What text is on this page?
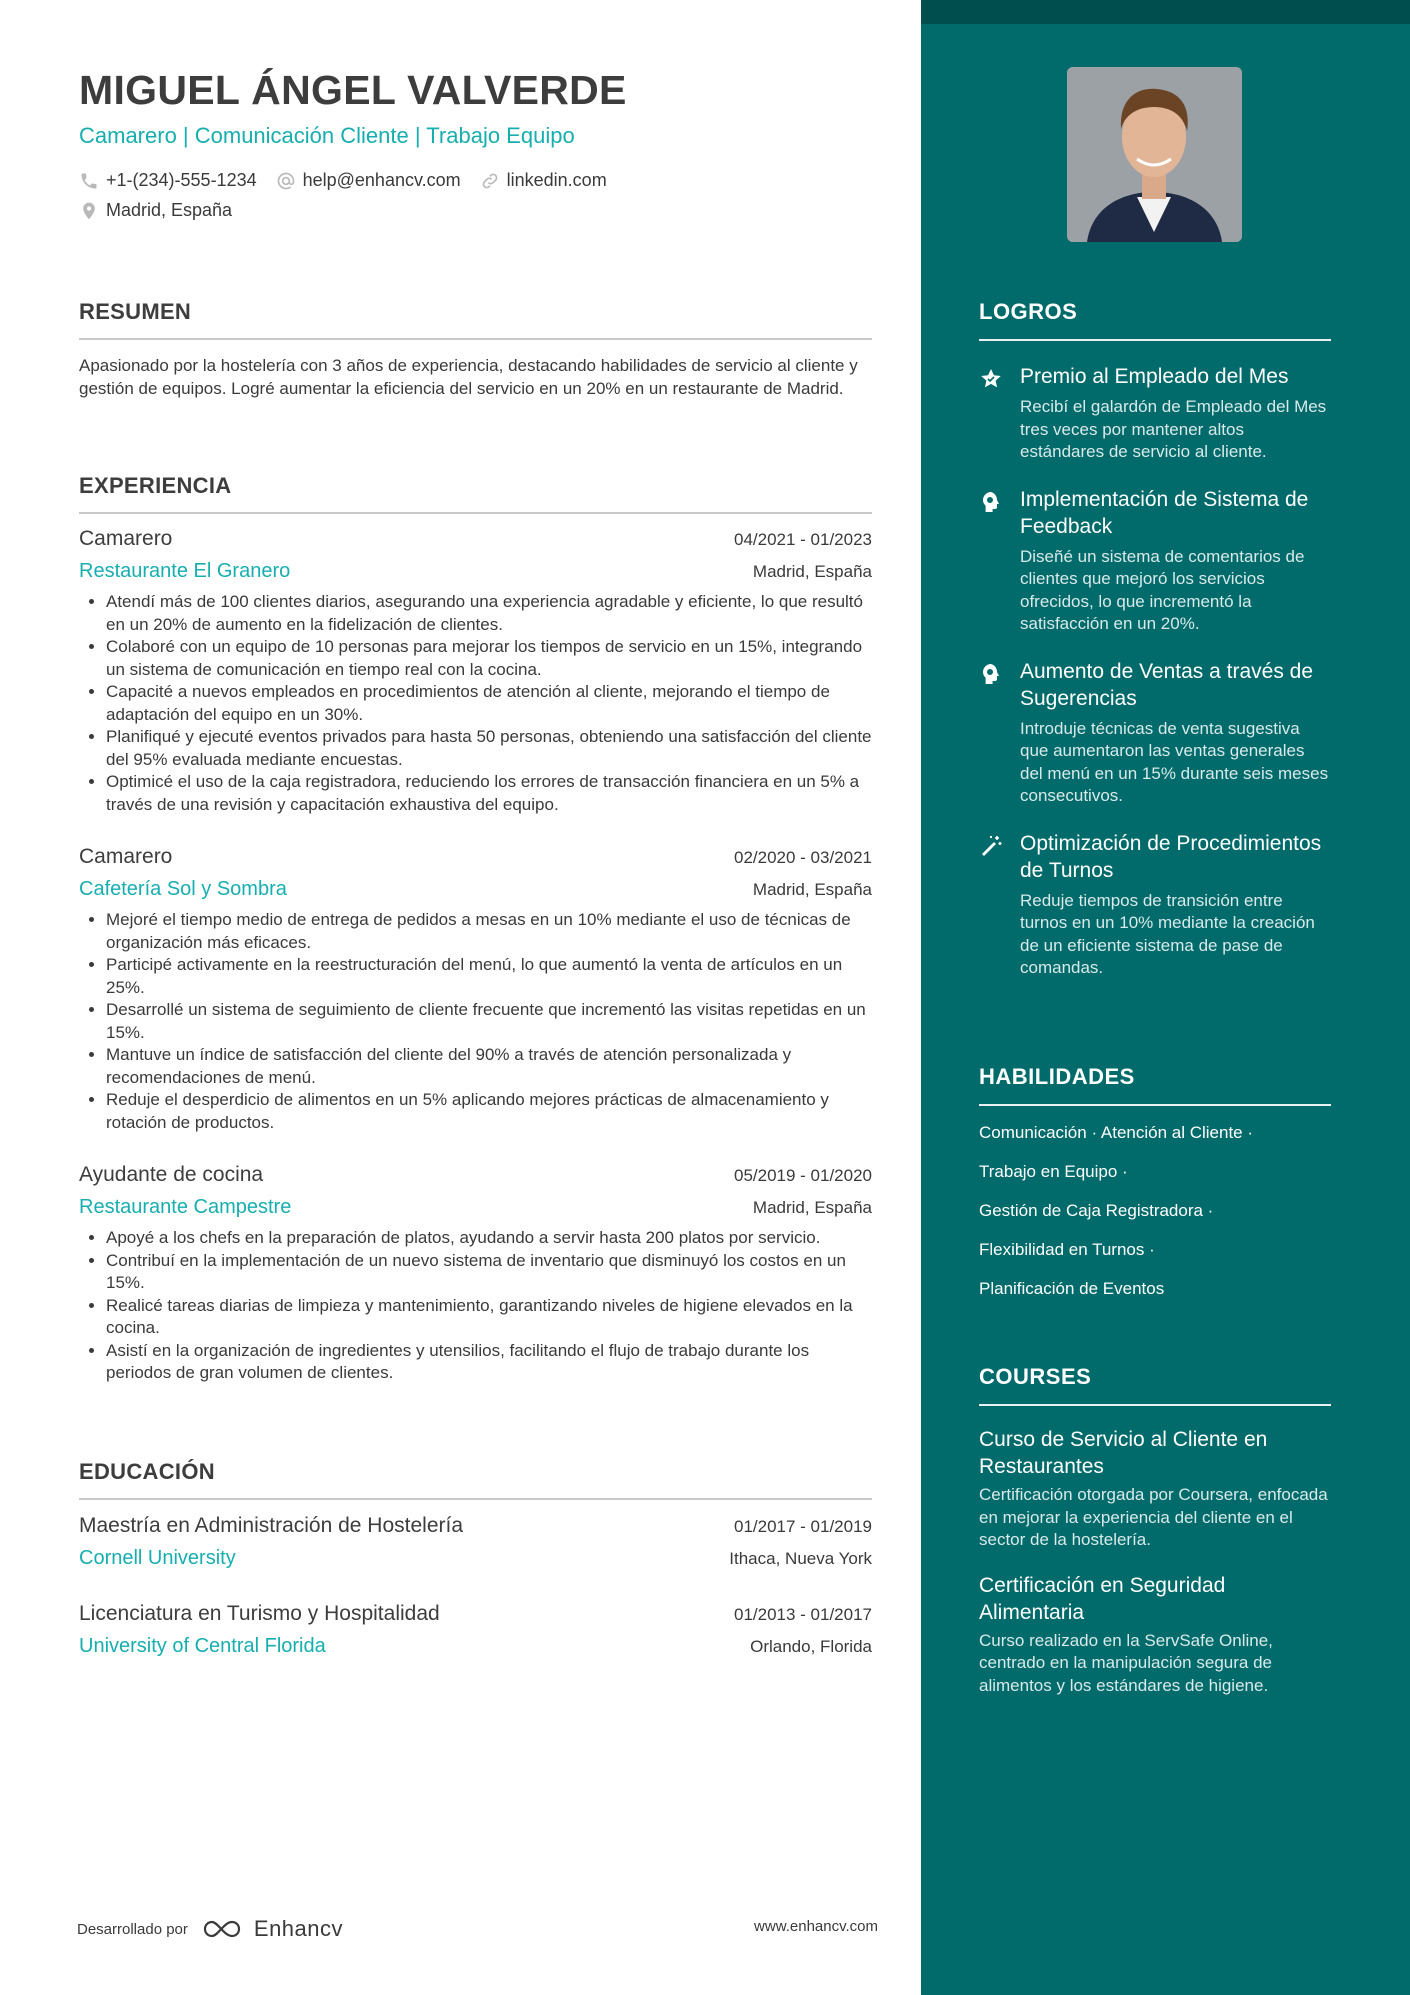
MIGUEL ÁNGEL VALVERDE
Camarero | Comunicación Cliente | Trabajo Equipo
+1-(234)-555-1234	help@enhancv.com	linkedin.com
Madrid, España
RESUMEN
Apasionado por la hostelería con 3 años de experiencia, destacando habilidades de servicio al cliente y gestión de equipos. Logré aumentar la eficiencia del servicio en un 20% en un restaurante de Madrid.
EXPERIENCIA
Camarero	04/2021 - 01/2023
Restaurante El Granero	Madrid, España
• Atendí más de 100 clientes diarios, asegurando una experiencia agradable y eficiente, lo que resultó en un 20% de aumento en la fidelización de clientes.
• Colaboré con un equipo de 10 personas para mejorar los tiempos de servicio en un 15%, integrando un sistema de comunicación en tiempo real con la cocina.
• Capacité a nuevos empleados en procedimientos de atención al cliente, mejorando el tiempo de adaptación del equipo en un 30%.
• Planifiqué y ejecuté eventos privados para hasta 50 personas, obteniendo una satisfacción del cliente del 95% evaluada mediante encuestas.
• Optimicé el uso de la caja registradora, reduciendo los errores de transacción financiera en un 5% a través de una revisión y capacitación exhaustiva del equipo.
Camarero	02/2020 - 03/2021
Cafetería Sol y Sombra	Madrid, España
• Mejoré el tiempo medio de entrega de pedidos a mesas en un 10% mediante el uso de técnicas de organización más eficaces.
• Participé activamente en la reestructuración del menú, lo que aumentó la venta de artículos en un 25%.
• Desarrollé un sistema de seguimiento de cliente frecuente que incrementó las visitas repetidas en un 15%.
• Mantuve un índice de satisfacción del cliente del 90% a través de atención personalizada y recomendaciones de menú.
• Reduje el desperdicio de alimentos en un 5% aplicando mejores prácticas de almacenamiento y rotación de productos.
Ayudante de cocina	05/2019 - 01/2020
Restaurante Campestre	Madrid, España
• Apoyé a los chefs en la preparación de platos, ayudando a servir hasta 200 platos por servicio.
• Contribuí en la implementación de un nuevo sistema de inventario que disminuyó los costos en un 15%.
• Realicé tareas diarias de limpieza y mantenimiento, garantizando niveles de higiene elevados en la cocina.
• Asistí en la organización de ingredientes y utensilios, facilitando el flujo de trabajo durante los periodos de gran volumen de clientes.
EDUCACIÓN
Maestría en Administración de Hostelería	01/2017 - 01/2019
Cornell University	Ithaca, Nueva York
Licenciatura en Turismo y Hospitalidad	01/2013 - 01/2017
University of Central Florida	Orlando, Florida
Desarrollado por	Enhancv	www.enhancv.com
LOGROS
Premio al Empleado del Mes
Recibí el galardón de Empleado del Mes tres veces por mantener altos estándares de servicio al cliente.
Implementación de Sistema de Feedback
Diseñé un sistema de comentarios de clientes que mejoró los servicios ofrecidos, lo que incrementó la satisfacción en un 20%.
Aumento de Ventas a través de Sugerencias
Introduje técnicas de venta sugestiva que aumentaron las ventas generales del menú en un 15% durante seis meses consecutivos.
Optimización de Procedimientos de Turnos
Reduje tiempos de transición entre turnos en un 10% mediante la creación de un eficiente sistema de pase de comandas.
HABILIDADES
Comunicación · Atención al Cliente ·
Trabajo en Equipo ·
Gestión de Caja Registradora ·
Flexibilidad en Turnos ·
Planificación de Eventos
COURSES
Curso de Servicio al Cliente en Restaurantes
Certificación otorgada por Coursera, enfocada en mejorar la experiencia del cliente en el sector de la hostelería.
Certificación en Seguridad Alimentaria
Curso realizado en la ServSafe Online, centrado en la manipulación segura de alimentos y los estándares de higiene.
